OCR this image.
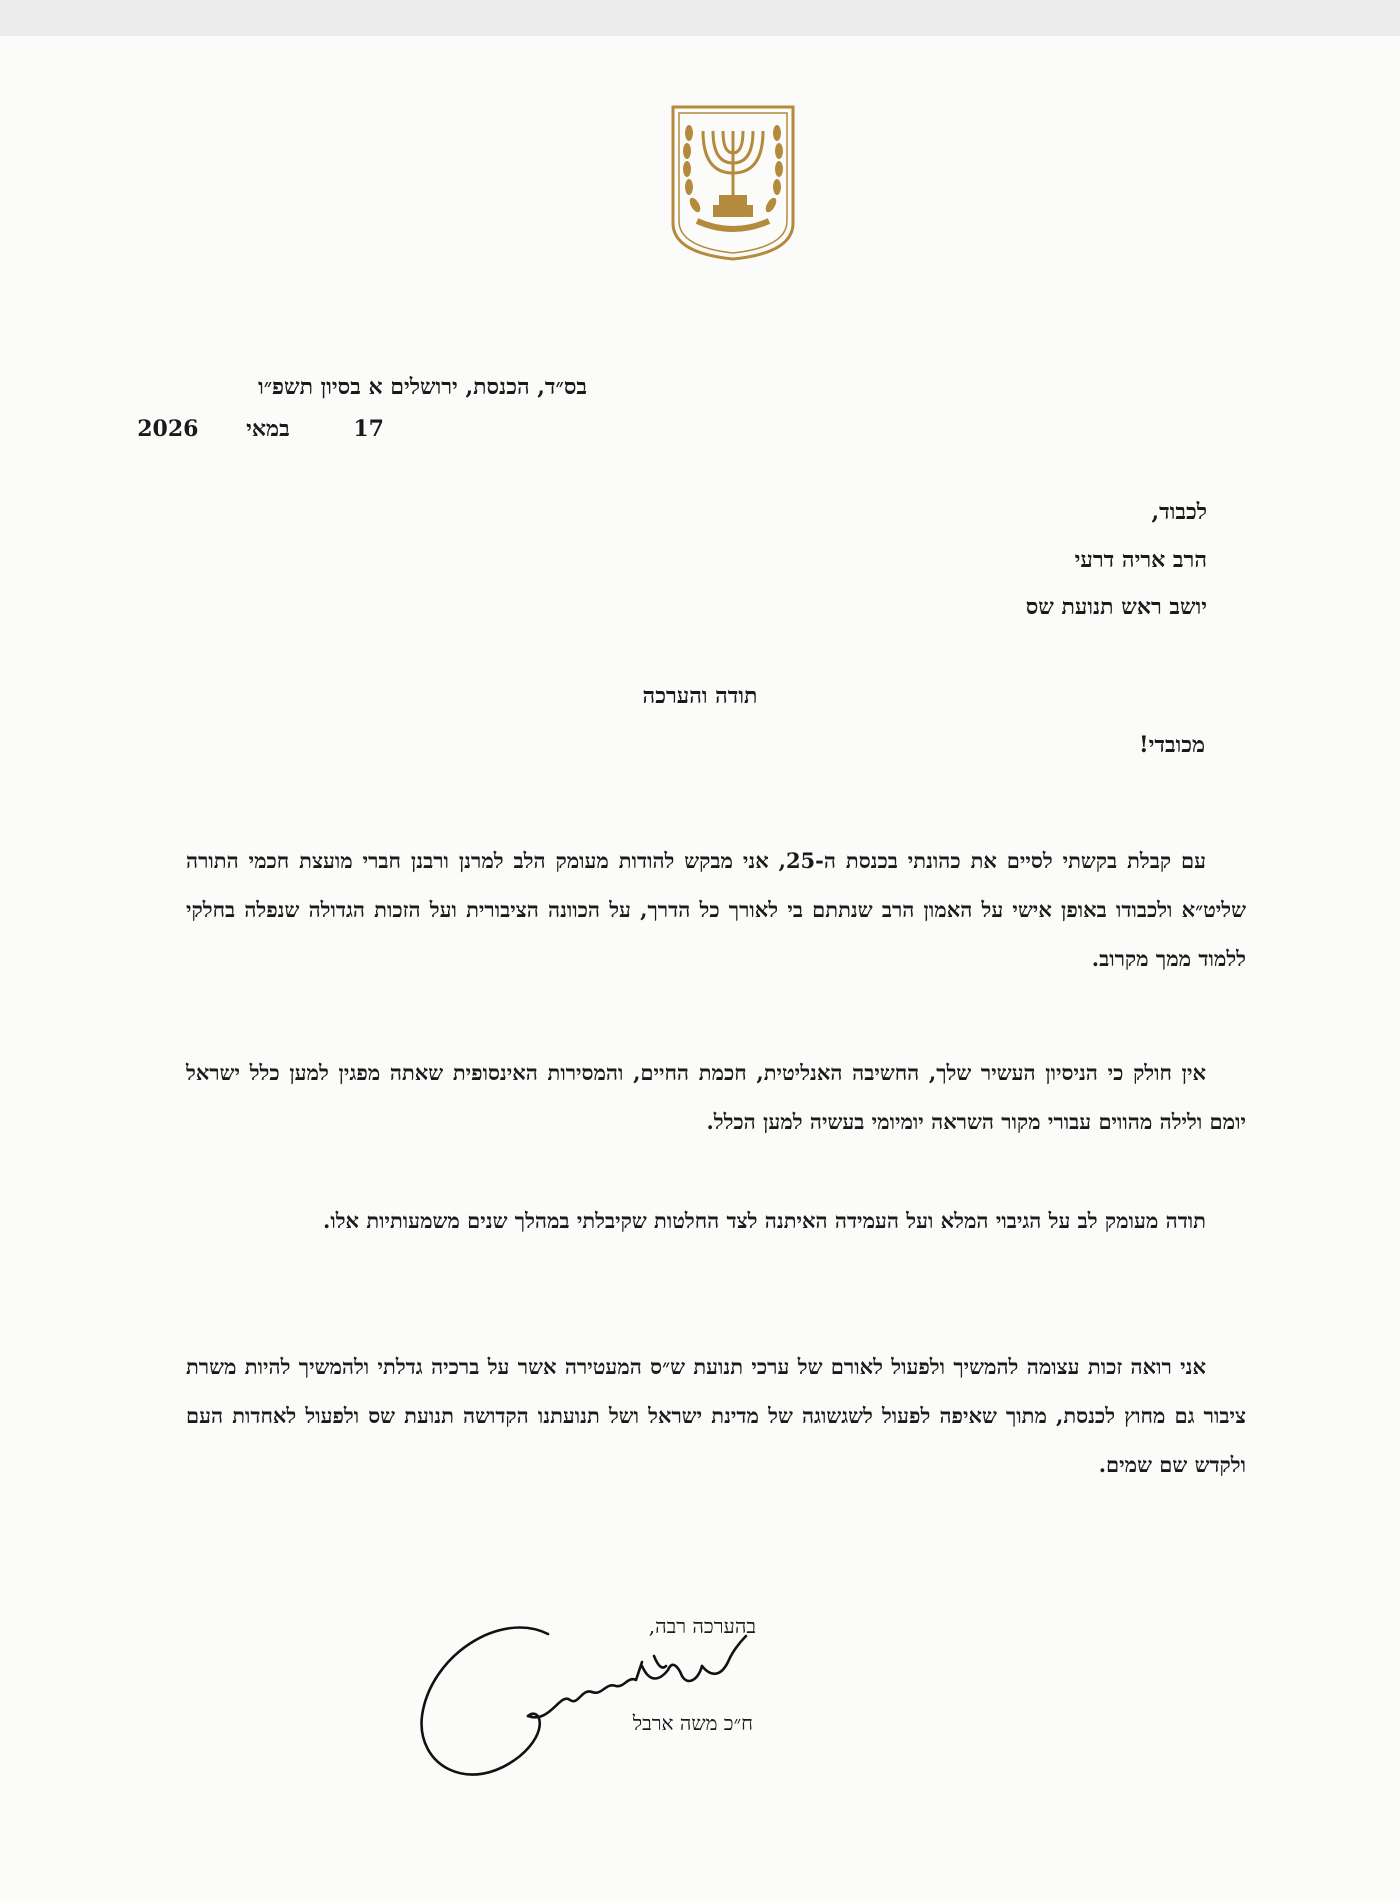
בס״ד, הכנסת, ירושלים א בסיון תשפ״ו
17 במאי 2026
לכבוד,
הרב אריה דרעי
יושב ראש תנועת שס
תודה והערכה
מכובדי!
עם קבלת בקשתי לסיים את כהונתי בכנסת ה-25, אני מבקש להודות מעומק הלב למרנן ורבנן חברי מועצת חכמי התורה שליט״א ולכבודו באופן אישי על האמון הרב שנתתם בי לאורך כל הדרך, על הכוונה הציבורית ועל הזכות הגדולה שנפלה בחלקי ללמוד ממך מקרוב.
אין חולק כי הניסיון העשיר שלך, החשיבה האנליטית, חכמת החיים, והמסירות האינסופית שאתה מפגין למען כלל ישראל יומם ולילה מהווים עבורי מקור השראה יומיומי בעשיה למען הכלל.
תודה מעומק לב על הגיבוי המלא ועל העמידה האיתנה לצד החלטות שקיבלתי במהלך שנים משמעותיות אלו.
אני רואה זכות עצומה להמשיך ולפעול לאורם של ערכי תנועת ש״ס המעטירה אשר על ברכיה גדלתי ולהמשיך להיות משרת ציבור גם מחוץ לכנסת, מתוך שאיפה לפעול לשגשוגה של מדינת ישראל ושל תנועתנו הקדושה תנועת שס ולפעול לאחדות העם ולקדש שם שמים.
בהערכה רבה,
ח״כ משה ארבל
